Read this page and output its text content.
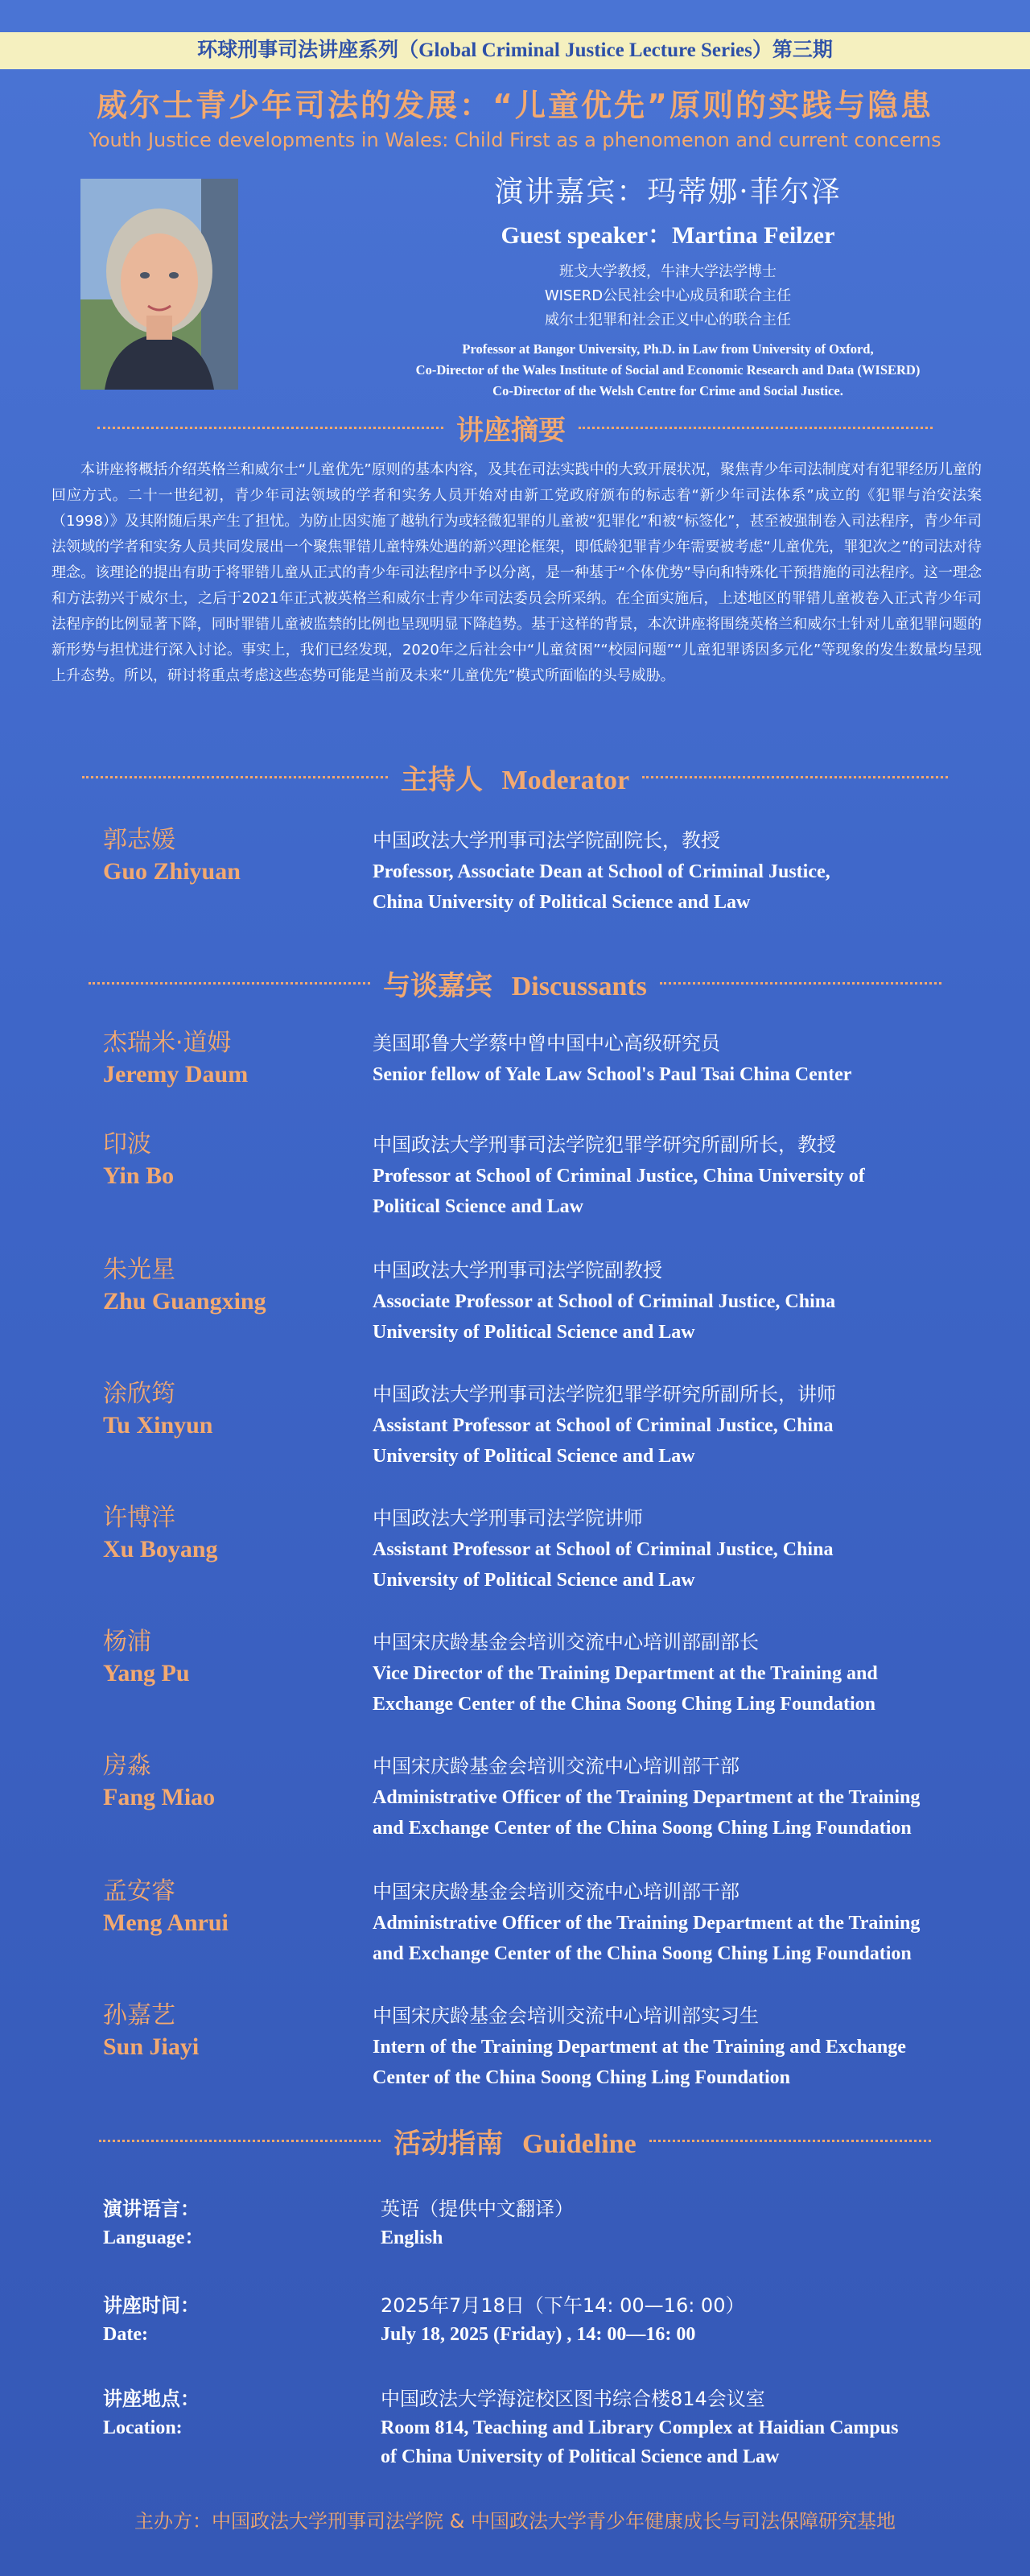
环球刑事司法讲座系列（Global Criminal Justice Lecture Series）第三期
威尔士青少年司法的发展：“儿童优先”原则的实践与隐患
Youth Justice developments in Wales: Child First as a phenomenon and current concerns
演讲嘉宾：玛蒂娜·菲尔泽
Guest speaker：Martina Feilzer
班戈大学教授，牛津大学法学博士
WISERD公民社会中心成员和联合主任
威尔士犯罪和社会正义中心的联合主任
Professor at Bangor University, Ph.D. in Law from University of Oxford,
Co-Director of the Wales Institute of Social and Economic Research and Data (WISERD)
Co-Director of the Welsh Centre for Crime and Social Justice.
讲座摘要
本讲座将概括介绍英格兰和威尔士“儿童优先”原则的基本内容，及其在司法实践中的大致开展状况，聚焦青少年司法制度对有犯罪经历儿童的回应方式。二十一世纪初，青少年司法领域的学者和实务人员开始对由新工党政府颁布的标志着“新少年司法体系”成立的《犯罪与治安法案（1998）》及其附随后果产生了担忧。为防止因实施了越轨行为或轻微犯罪的儿童被“犯罪化”和被“标签化”，甚至被强制卷入司法程序，青少年司法领域的学者和实务人员共同发展出一个聚焦罪错儿童特殊处遇的新兴理论框架，即低龄犯罪青少年需要被考虑“儿童优先，罪犯次之”的司法对待理念。该理论的提出有助于将罪错儿童从正式的青少年司法程序中予以分离，是一种基于“个体优势”导向和特殊化干预措施的司法程序。这一理念和方法勃兴于威尔士，之后于2021年正式被英格兰和威尔士青少年司法委员会所采纳。在全面实施后，上述地区的罪错儿童被卷入正式青少年司法程序的比例显著下降，同时罪错儿童被监禁的比例也呈现明显下降趋势。基于这样的背景，本次讲座将围绕英格兰和威尔士针对儿童犯罪问题的新形势与担忧进行深入讨论。事实上，我们已经发现，2020年之后社会中“儿童贫困”“校园问题”“儿童犯罪诱因多元化”等现象的发生数量均呈现上升态势。所以，研讨将重点考虑这些态势可能是当前及未来“儿童优先”模式所面临的头号威胁。
主持人 Moderator
郭志媛
Guo Zhiyuan
中国政法大学刑事司法学院副院长，教授
Professor, Associate Dean at School of Criminal Justice,
China University of Political Science and Law
与谈嘉宾 Discussants
杰瑞米·道姆
Jeremy Daum
美国耶鲁大学蔡中曾中国中心高级研究员
Senior fellow of Yale Law School's Paul Tsai China Center
印波
Yin Bo
中国政法大学刑事司法学院犯罪学研究所副所长，教授
Professor at School of Criminal Justice, China University of
Political Science and Law
朱光星
Zhu Guangxing
中国政法大学刑事司法学院副教授
Associate Professor at School of Criminal Justice, China
University of Political Science and Law
涂欣筠
Tu Xinyun
中国政法大学刑事司法学院犯罪学研究所副所长，讲师
Assistant Professor at School of Criminal Justice, China
University of Political Science and Law
许博洋
Xu Boyang
中国政法大学刑事司法学院讲师
Assistant Professor at School of Criminal Justice, China
University of Political Science and Law
杨浦
Yang Pu
中国宋庆龄基金会培训交流中心培训部副部长
Vice Director of the Training Department at the Training and
Exchange Center of the China Soong Ching Ling Foundation
房淼
Fang Miao
中国宋庆龄基金会培训交流中心培训部干部
Administrative Officer of the Training Department at the Training
and Exchange Center of the China Soong Ching Ling Foundation
孟安睿
Meng Anrui
中国宋庆龄基金会培训交流中心培训部干部
Administrative Officer of the Training Department at the Training
and Exchange Center of the China Soong Ching Ling Foundation
孙嘉艺
Sun Jiayi
中国宋庆龄基金会培训交流中心培训部实习生
Intern of the Training Department at the Training and Exchange
Center of the China Soong Ching Ling Foundation
活动指南 Guideline
演讲语言：
Language：
英语（提供中文翻译）
English
讲座时间：
Date:
2025年7月18日（下午14: 00—16: 00）
July 18, 2025 (Friday) , 14: 00—16: 00
讲座地点：
Location:
中国政法大学海淀校区图书综合楼814会议室
Room 814, Teaching and Library Complex at Haidian Campus
of China University of Political Science and Law
主办方：中国政法大学刑事司法学院 & 中国政法大学青少年健康成长与司法保障研究基地
